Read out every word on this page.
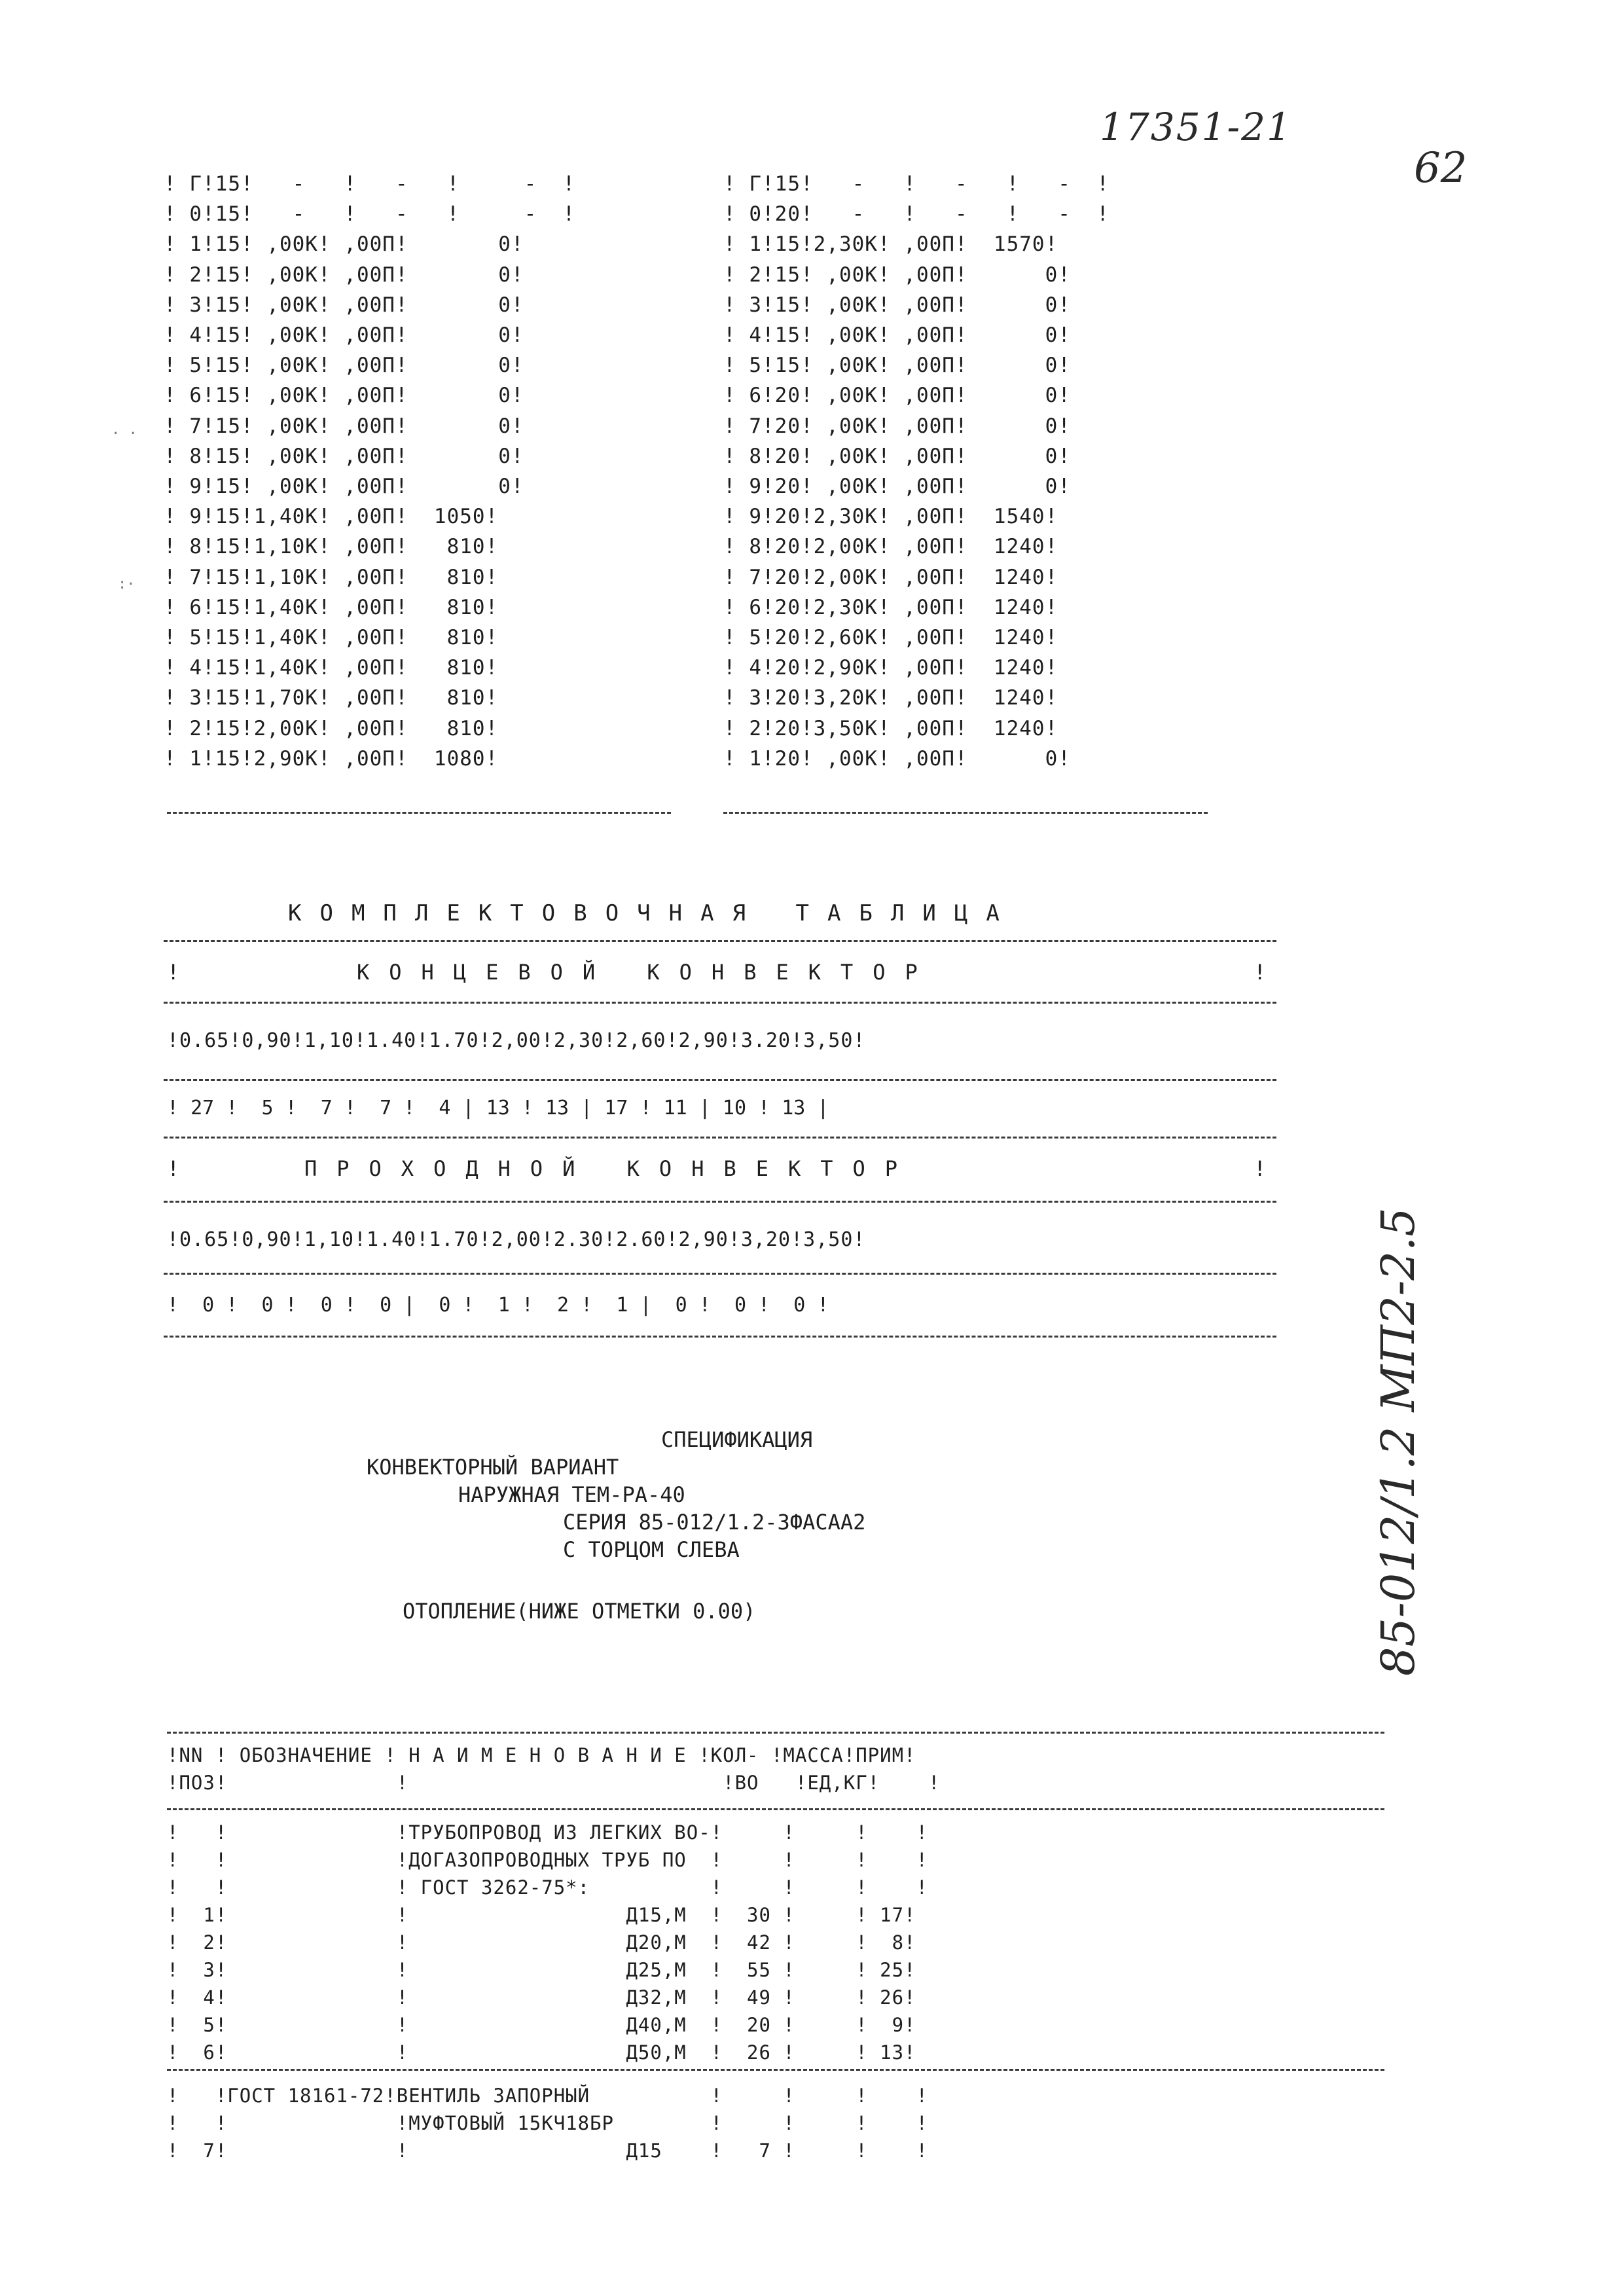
17351-21
62
85-012/1.2 МП2-2.5
· ·
:·
! Г!15!   -   !   -   !     -  !
! 0!15!   -   !   -   !     -  !
! 1!15! ,00К! ,00П!       0!
! 2!15! ,00К! ,00П!       0!
! 3!15! ,00К! ,00П!       0!
! 4!15! ,00К! ,00П!       0!
! 5!15! ,00К! ,00П!       0!
! 6!15! ,00К! ,00П!       0!
! 7!15! ,00К! ,00П!       0!
! 8!15! ,00К! ,00П!       0!
! 9!15! ,00К! ,00П!       0!
! 9!15!1,40К! ,00П!  1050!
! 8!15!1,10К! ,00П!   810!
! 7!15!1,10К! ,00П!   810!
! 6!15!1,40К! ,00П!   810!
! 5!15!1,40К! ,00П!   810!
! 4!15!1,40К! ,00П!   810!
! 3!15!1,70К! ,00П!   810!
! 2!15!2,00К! ,00П!   810!
! 1!15!2,90К! ,00П!  1080!
! Г!15!   -   !   -   !   -  !
! 0!20!   -   !   -   !   -  !
! 1!15!2,30К! ,00П!  1570!
! 2!15! ,00К! ,00П!      0!
! 3!15! ,00К! ,00П!      0!
! 4!15! ,00К! ,00П!      0!
! 5!15! ,00К! ,00П!      0!
! 6!20! ,00К! ,00П!      0!
! 7!20! ,00К! ,00П!      0!
! 8!20! ,00К! ,00П!      0!
! 9!20! ,00К! ,00П!      0!
! 9!20!2,30К! ,00П!  1540!
! 8!20!2,00К! ,00П!  1240!
! 7!20!2,00К! ,00П!  1240!
! 6!20!2,30К! ,00П!  1240!
! 5!20!2,60К! ,00П!  1240!
! 4!20!2,90К! ,00П!  1240!
! 3!20!3,20К! ,00П!  1240!
! 2!20!3,50К! ,00П!  1240!
! 1!20! ,00К! ,00П!      0!
КОМПЛЕКТОВОЧНАЯ ТАБЛИЦА
!	КОНЦЕВОЙ КОНВЕКТОР	!
!0.65!0,90!1,10!1.40!1.70!2,00!2,30!2,60!2,90!3.20!3,50!
! 27 !  5 !  7 !  7 !  4 | 13 ! 13 | 17 ! 11 | 10 ! 13 |
!	ПРОХОДНОЙ КОНВЕКТОР	!
!0.65!0,90!1,10!1.40!1.70!2,00!2.30!2.60!2,90!3,20!3,50!
!  0 !  0 !  0 !  0 |  0 !  1 !  2 !  1 |  0 !  0 !  0 !
СПЕЦИФИКАЦИЯ
КОНВЕКТОРНЫЙ ВАРИАНТ
НАРУЖНАЯ ТЕМ-РА-40
СЕРИЯ 85-012/1.2-3ФАСАА2
С ТОРЦОМ СЛЕВА
ОТОПЛЕНИЕ(НИЖЕ ОТМЕТКИ 0.00)
!NN ! ОБОЗНАЧЕНИЕ ! Н А И М Е Н О В А Н И Е !КОЛ- !МАССА!ПРИМ!
!ПОЗ!              !                          !ВО   !ЕД,КГ!    !
!   !              !ТРУБОПРОВОД ИЗ ЛЕГКИХ ВО-!     !     !    !
!   !              !ДОГАЗОПРОВОДНЫХ ТРУБ ПО  !     !     !    !
!   !              ! ГОСТ 3262-75*:          !     !     !    !
!  1!              !                  Д15,М  !  30 !     ! 17!
!  2!              !                  Д20,М  !  42 !     !  8!
!  3!              !                  Д25,М  !  55 !     ! 25!
!  4!              !                  Д32,М  !  49 !     ! 26!
!  5!              !                  Д40,М  !  20 !     !  9!
!  6!              !                  Д50,М  !  26 !     ! 13!
!   !ГОСТ 18161-72!ВЕНТИЛЬ ЗАПОРНЫЙ          !     !     !    !
!   !              !МУФТОВЫЙ 15КЧ18БР        !     !     !    !
!  7!              !                  Д15    !   7 !     !    !
